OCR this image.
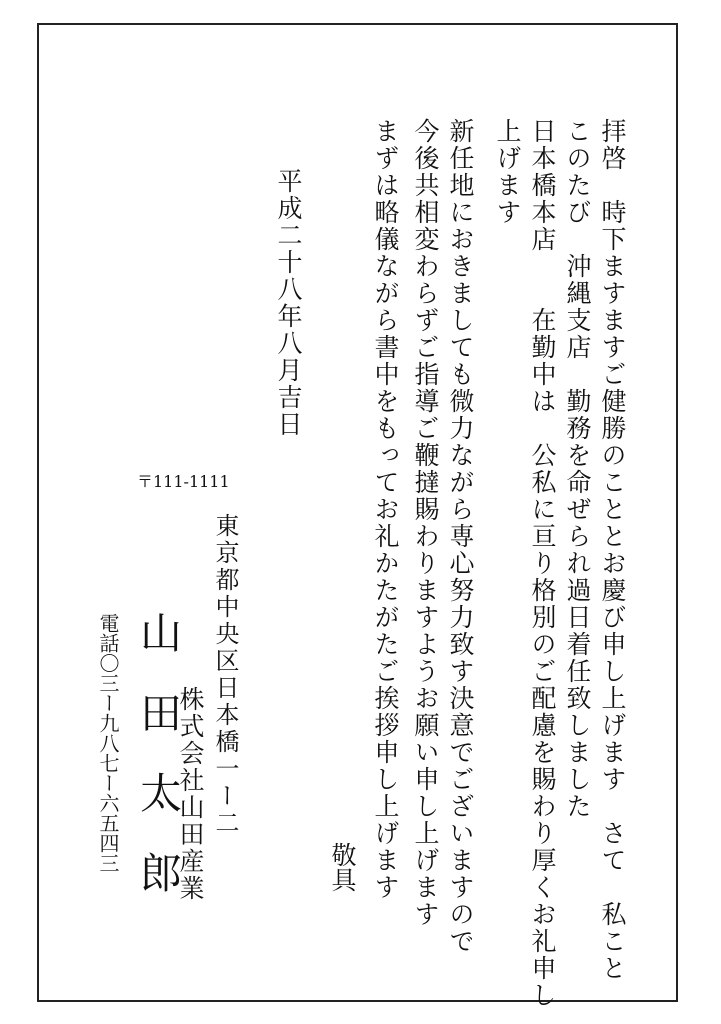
拝啓　時下ますますご健勝のこととお慶び申し上げます　さて　私こと
このたび　沖縄支店　勤務を命ぜられ過日着任致しました
日本橋本店　　在勤中は　公私に亘り格別のご配慮を賜わり厚くお礼申し
上げます
新任地におきましても微力ながら専心努力致す決意でございますので
今後共相変わらずご指導ご鞭撻賜わりますようお願い申し上げます
まずは略儀ながら書中をもってお礼かたがたご挨拶申し上げます
敬具
平成二十八年八月吉日
〒111-1111
東京都中央区日本橋一ー二
株式会社山田産業
山田太郎
電話〇三ー九八七ー六五四三
